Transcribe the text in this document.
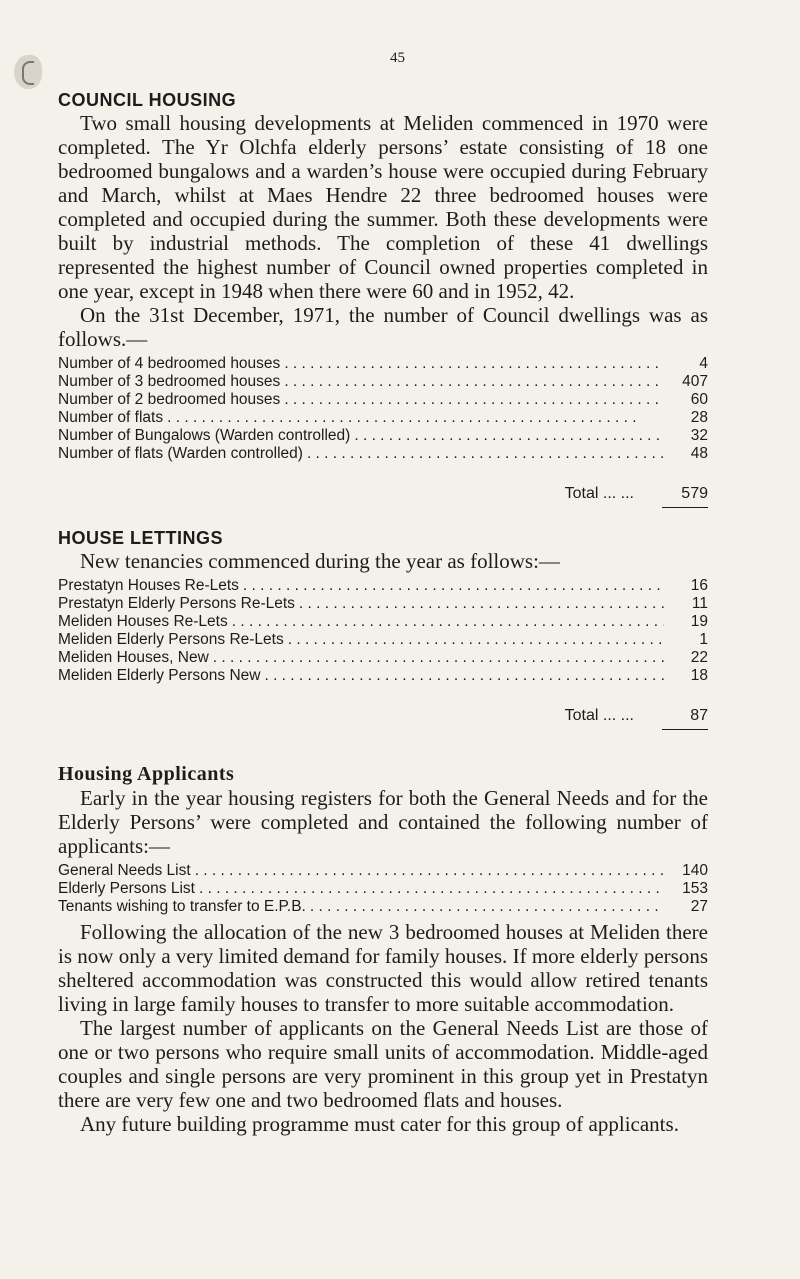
45
COUNCIL HOUSING

Two small housing developments at Meliden commenced in 1970 were completed. The Yr Olchfa elderly persons’ estate consisting of 18 one bedroomed bungalows and a warden’s house were occupied during February and March, whilst at Maes Hendre 22 three bedroomed houses were completed and occupied during the summer. Both these developments were built by industrial methods. The completion of these 41 dwellings represented the highest number of Council owned properties completed in one year, except in 1948 when there were 60 and in 1952, 42.

On the 31st December, 1971, the number of Council dwellings was as follows.—

Number of 4 bedroomed houses . . .	4
Number of 3 bedroomed houses . . .	407
Number of 2 bedroomed houses . . .	60
Number of flats . . .	28
Number of Bungalows (Warden controlled) . . .	32
Number of flats (Warden controlled) . . .	48
Total ... ...	579
HOUSE LETTINGS

New tenancies commenced during the year as follows:—

Prestatyn Houses Re-Lets . . .	16
Prestatyn Elderly Persons Re-Lets . . .	11
Meliden Houses Re-Lets . . .	19
Meliden Elderly Persons Re-Lets . . .	1
Meliden Houses, New . . .	22
Meliden Elderly Persons New . . .	18
Total ... ...	87
Housing Applicants

Early in the year housing registers for both the General Needs and for the Elderly Persons’ were completed and contained the following number of applicants:—

General Needs List . . .	140
Elderly Persons List . . .	153
Tenants wishing to transfer to E.P.B. . . .	27

Following the allocation of the new 3 bedroomed houses at Meliden there is now only a very limited demand for family houses. If more elderly persons sheltered accommodation was constructed this would allow retired tenants living in large family houses to transfer to more suitable accommodation.

The largest number of applicants on the General Needs List are those of one or two persons who require small units of accommodation. Middle-aged couples and single persons are very prominent in this group yet in Prestatyn there are very few one and two bedroomed flats and houses.

Any future building programme must cater for this group of applicants.
